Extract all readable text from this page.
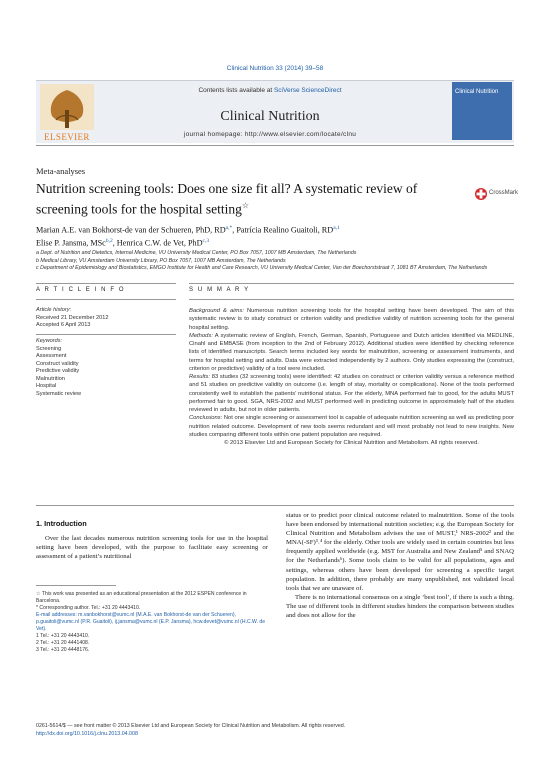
Clinical Nutrition 33 (2014) 39–58
ELSEVIER
Contents lists available at SciVerse ScienceDirect
Clinical Nutrition
journal homepage: http://www.elsevier.com/locate/clnu
Clinical Nutrition
Meta-analyses
Nutrition screening tools: Does one size fit all? A systematic review of screening tools for the hospital setting☆
CrossMark
Marian A.E. van Bokhorst-de van der Schueren, PhD, $RD^{a,*}$, Patrícia Realino Guaitoli, RD$^{a,1}$
Elise P. Jansma, MSc$^{b,2}$, Henrica C.W. de Vet, PhD$^{c,3}$

a Dept. of Nutrition and Dietetics, Internal Medicine, VU University Medical Center, PO Box 7057, 1007 MB Amsterdam, The Netherlands

b Medical Library, VU Amsterdam University Library, PO Box 7057, 1007 MB Amsterdam, The Netherlands

c Department of Epidemiology and Biostatistics, EMGO Institute for Health and Care Research, VU University Medical Center, Van der Boechorststraat 7, 1081 BT Amsterdam, The Netherlands

A R T I C L E I N F O	S U M M A R Y
Article history:
Received 21 December 2012
Accepted 6 April 2013
Keywords:
Screening
Assessment
Construct validity
Predictive validity
Malnutrition
Hospital
Systematic review

Background & aims: Numerous nutrition screening tools for the hospital setting have been developed. The aim of this systematic review is to study construct or criterion validity and predictive validity of nutrition screening tools for the general hospital setting.

Methods: A systematic review of English, French, German, Spanish, Portuguese and Dutch articles identified via MEDLINE, Cinahl and EMBASE (from inception to the 2nd of February 2012). Additional studies were identified by checking reference lists of identified manuscripts. Search terms included key words for malnutrition, screening or assessment instruments, and terms for hospital setting and adults. Data were extracted independently by 2 authors. Only studies expressing the (construct, criterion or predictive) validity of a tool were included.

Results: 83 studies (32 screening tools) were identified: 42 studies on construct or criterion validity versus a reference method and 51 studies on predictive validity on outcome (i.e. length of stay, mortality or complications). None of the tools performed consistently well to establish the patients’ nutritional status. For the elderly, MNA performed fair to good, for the adults MUST performed fair to good. SGA, NRS-2002 and MUST performed well in predicting outcome in approximately half of the studies reviewed in adults, but not in older patients.

Conclusions: Not one single screening or assessment tool is capable of adequate nutrition screening as well as predicting poor nutrition related outcome. Development of new tools seems redundant and will most probably not lead to new insights. New studies comparing different tools within one patient population are required.

© 2013 Elsevier Ltd and European Society for Clinical Nutrition and Metabolism. All rights reserved.

1. Introduction

Over the last decades numerous nutrition screening tools for use in the hospital setting have been developed, with the purpose to facilitate easy screening or assessment of a patient’s nutritional

status or to predict poor clinical outcome related to malnutrition. Some of the tools have been endorsed by international nutrition societies; e.g. the European Society for Clinical Nutrition and Metabolism advises the use of MUST,¹ NRS-2002² and the MNA(-SF)³˒⁴ for the elderly. Other tools are widely used in certain countries but less frequently applied worldwide (e.g. MST for Australia and New Zealand⁵ and SNAQ for the Netherlands⁶). Some tools claim to be valid for all populations, ages and settings, whereas others have been developed for screening a specific target population. In addition, there probably are many unpublished, not validated local tools that we are unaware of.

There is no international consensus on a single ‘best tool’, if there is such a thing. The use of different tools in different studies hinders the comparison between studies and does not allow for the

☆ This work was presented as an educational presentation at the 2012 ESPEN conference in Barcelona.

* Corresponding author. Tel.: +31 20 4443410.

E-mail addresses: m.vanbokhorst@vumc.nl (M.A.E. van Bokhorst-de van der Schueren), p.guaitoli@vumc.nl (P.R. Guaitoli), ij.jansma@vumc.nl (E.P. Jansma), hcw.devet@vumc.nl (H.C.W. de Vet).

1 Tel.: +31 20 4443410.

2 Tel.: +31 20 4441408.

3 Tel.: +31 20 4448176.

0261-5614/$ — see front matter © 2013 Elsevier Ltd and European Society for Clinical Nutrition and Metabolism. All rights reserved.
http://dx.doi.org/10.1016/j.clnu.2013.04.008
